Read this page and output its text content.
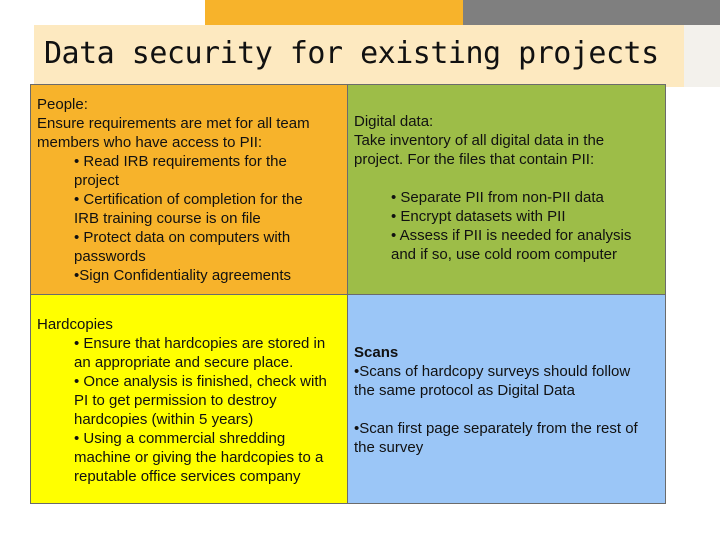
Data security for existing projects
People:
Ensure requirements are met for all team
members who have access to PII:
• Read IRB requirements for the
project
• Certification of completion for the
IRB training course is on file
• Protect data on computers with
passwords
•Sign Confidentiality agreements
Digital data:
Take inventory of all digital data in the
project. For the files that contain PII:
• Separate PII from non-PII data
• Encrypt datasets with PII
• Assess if PII is needed for analysis
and if so, use cold room computer
Hardcopies
• Ensure that hardcopies are stored in
an appropriate and secure place.
• Once analysis is finished, check with
PI to get permission to destroy
hardcopies (within 5 years)
• Using a commercial shredding
machine or giving the hardcopies to a
reputable office services company
Scans
•Scans of hardcopy surveys should follow
the same protocol as Digital Data
•Scan first page separately from the rest of
the survey
